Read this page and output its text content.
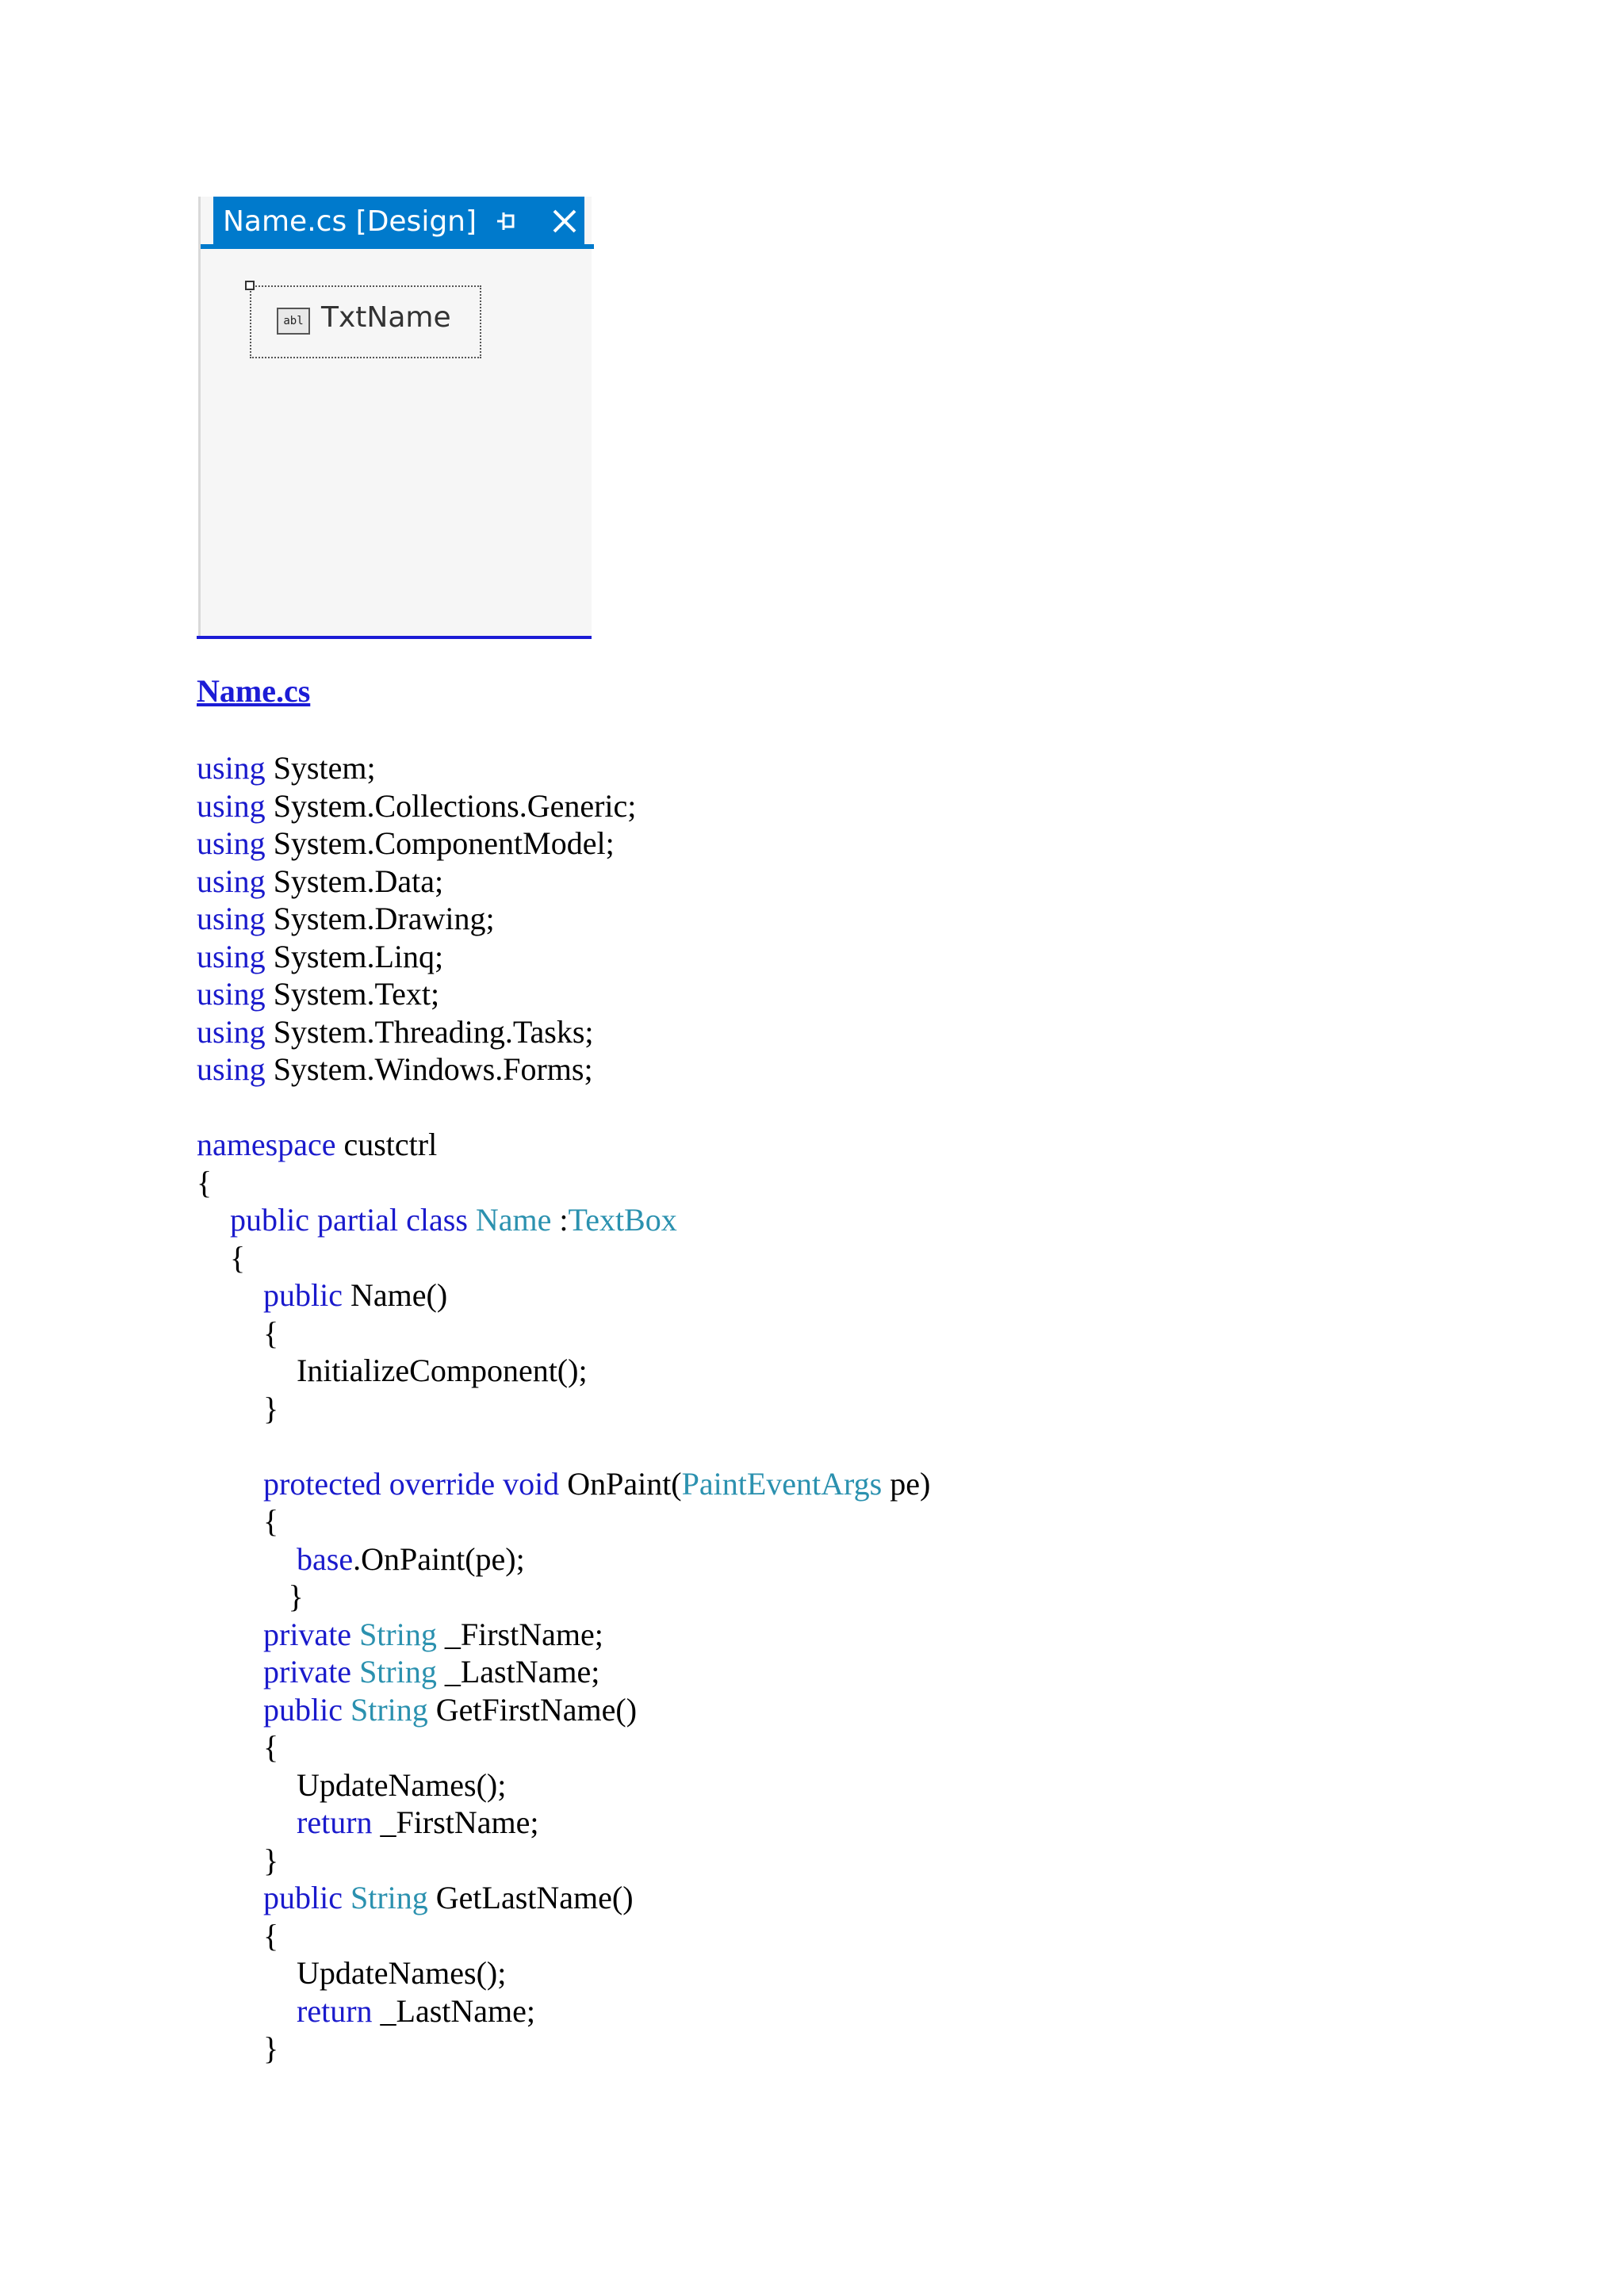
Name.cs [Design]
abl TxtName
Name.cs
using System;
using System.Collections.Generic;
using System.ComponentModel;
using System.Data;
using System.Drawing;
using System.Linq;
using System.Text;
using System.Threading.Tasks;
using System.Windows.Forms;
namespace custctrl
{
public partial class Name :TextBox
{
public Name()
{
InitializeComponent();
}
protected override void OnPaint(PaintEventArgs pe)
{
base.OnPaint(pe);
}
private String _FirstName;
private String _LastName;
public String GetFirstName()
{
UpdateNames();
return _FirstName;
}
public String GetLastName()
{
UpdateNames();
return _LastName;
}
